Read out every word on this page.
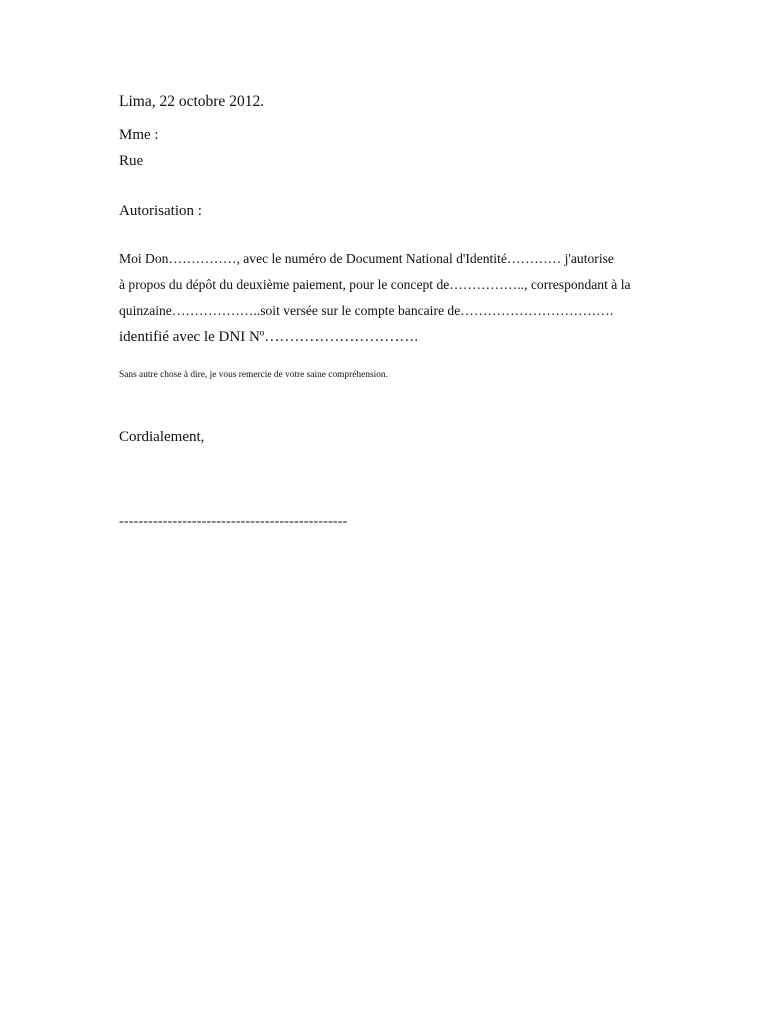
Lima, 22 octobre 2012.
Mme :
Rue
Autorisation :
Moi Don……………, avec le numéro de Document National d'Identité………… j'autorise
à propos du dépôt du deuxième paiement, pour le concept de…………….., correspondant à la
quinzaine………………..soit versée sur le compte bancaire de…………………………….
identifié avec le DNI Nº………………………….
Sans autre chose à dire, je vous remercie de votre saine compréhension.
Cordialement,
-----------------------------------------------
